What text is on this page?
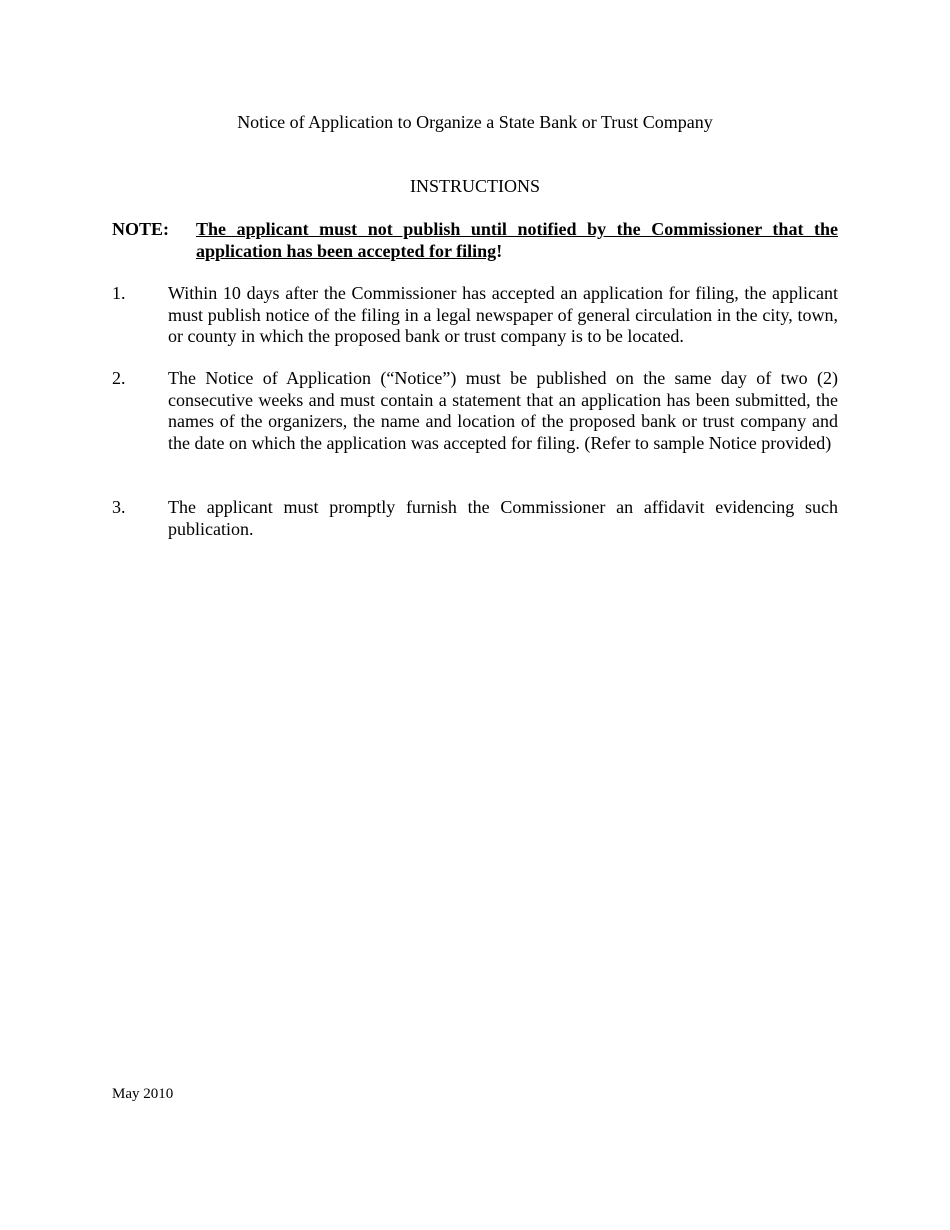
Notice of Application to Organize a State Bank or Trust Company
INSTRUCTIONS
NOTE: The applicant must not publish until notified by the Commissioner that the application has been accepted for filing!
1. Within 10 days after the Commissioner has accepted an application for filing, the applicant must publish notice of the filing in a legal newspaper of general circulation in the city, town, or county in which the proposed bank or trust company is to be located.
2. The Notice of Application (“Notice”) must be published on the same day of two (2) consecutive weeks and must contain a statement that an application has been submitted, the names of the organizers, the name and location of the proposed bank or trust company and the date on which the application was accepted for filing. (Refer to sample Notice provided)
3. The applicant must promptly furnish the Commissioner an affidavit evidencing such publication.
May 2010
